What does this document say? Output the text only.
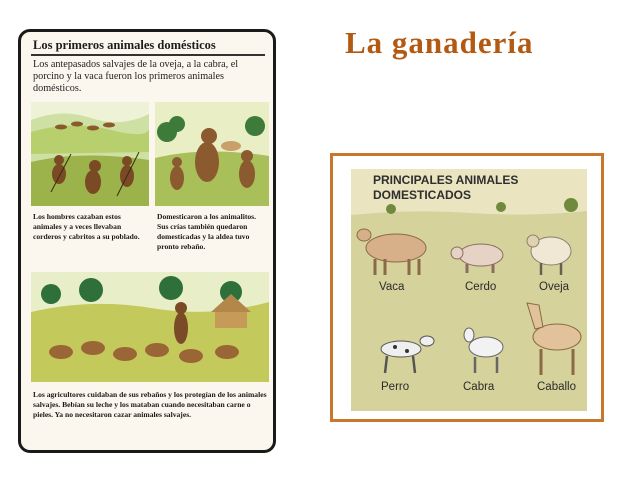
Los primeros animales domésticos
Los antepasados salvajes de la oveja, a la cabra, el porcino y la vaca fueron los primeros animales domésticos.
Los hombres cazaban estos animales y a veces llevaban corderos y cabritos a su poblado.
Domesticaron a los animalitos. Sus crías también quedaron domesticadas y la aldea tuvo pronto rebaño.
Los agricultores cuidaban de sus rebaños y los protegían de los animales salvajes. Bebían su leche y los mataban cuando necesitaban carne o pieles. Ya no necesitaron cazar animales salvajes.
La ganadería
PRINCIPALES ANIMALES
DOMESTICADOS
Vaca	Cerdo	Oveja
Perro	Cabra	Caballo
